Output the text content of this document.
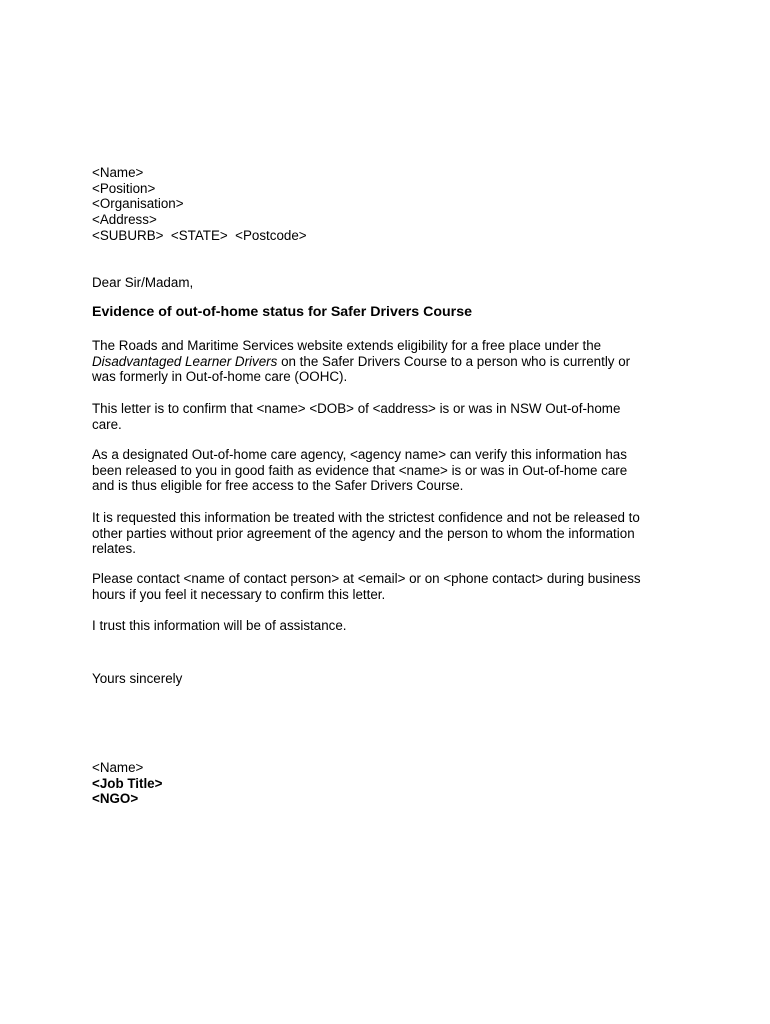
<Name>
<Position>
<Organisation>
<Address>
<SUBURB>  <STATE>  <Postcode>
Dear Sir/Madam,
Evidence of out-of-home status for Safer Drivers Course
The Roads and Maritime Services website extends eligibility for a free place under the
Disadvantaged Learner Drivers on the Safer Drivers Course to a person who is currently or
was formerly in Out-of-home care (OOHC).
This letter is to confirm that <name> <DOB> of <address> is or was in NSW Out-of-home
care.
As a designated Out-of-home care agency, <agency name> can verify this information has
been released to you in good faith as evidence that <name> is or was in Out-of-home care
and is thus eligible for free access to the Safer Drivers Course.
It is requested this information be treated with the strictest confidence and not be released to
other parties without prior agreement of the agency and the person to whom the information
relates.
Please contact <name of contact person> at <email> or on <phone contact> during business
hours if you feel it necessary to confirm this letter.
I trust this information will be of assistance.
Yours sincerely
<Name>
<Job Title>
<NGO>
